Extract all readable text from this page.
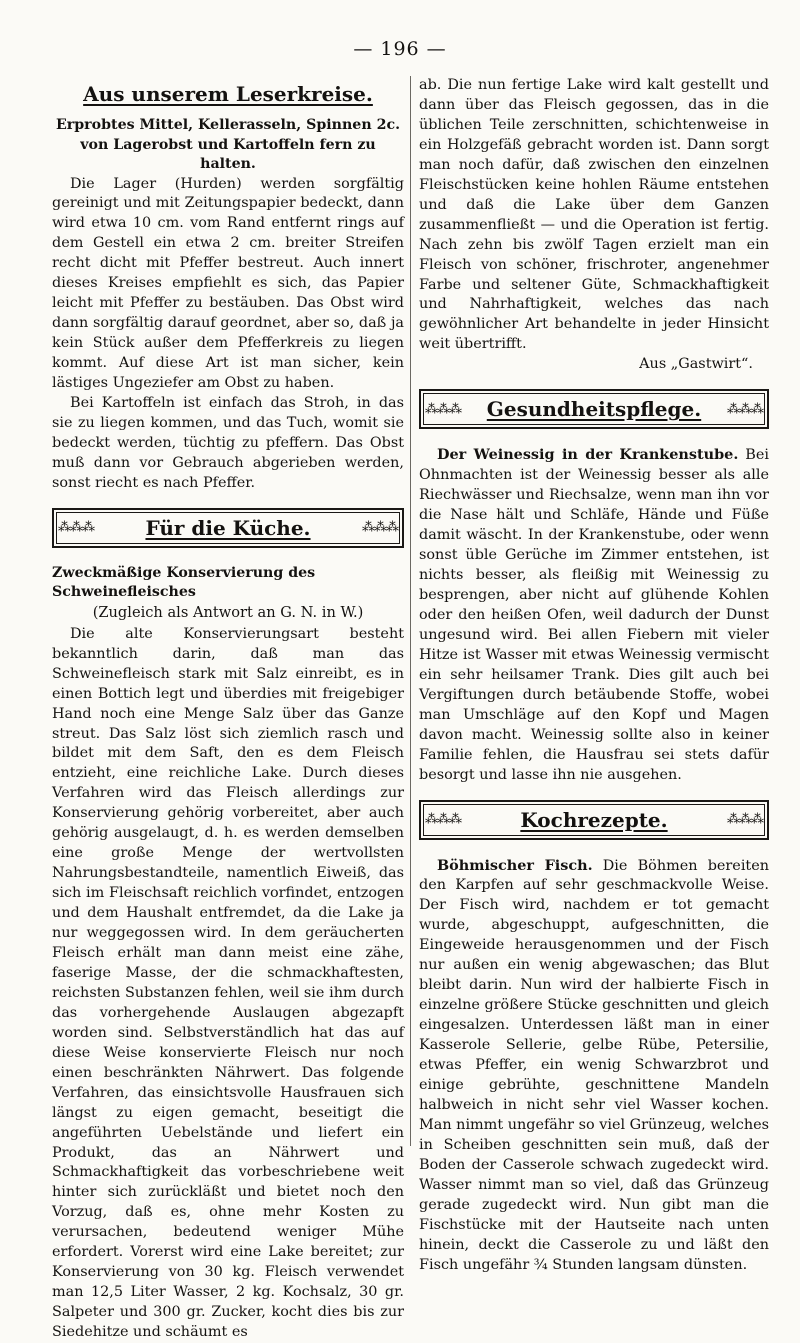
— 196 —
Aus unserem Leserkreise.
Erprobtes Mittel, Kellerasseln, Spinnen 2c. von Lagerobst und Kartoffeln fern zu halten.

Die Lager (Hurden) werden sorgfältig gereinigt und mit Zeitungspapier bedeckt, dann wird etwa 10 cm. vom Rand entfernt rings auf dem Gestell ein etwa 2 cm. breiter Streifen recht dicht mit Pfeffer bestreut. Auch innert dieses Kreises empfiehlt es sich, das Papier leicht mit Pfeffer zu bestäuben. Das Obst wird dann sorgfältig darauf geordnet, aber so, daß ja kein Stück außer dem Pfefferkreis zu liegen kommt. Auf diese Art ist man sicher, kein lästiges Ungeziefer am Obst zu haben.

Bei Kartoffeln ist einfach das Stroh, in das sie zu liegen kommen, und das Tuch, womit sie bedeckt werden, tüchtig zu pfeffern. Das Obst muß dann vor Gebrauch abgerieben werden, sonst riecht es nach Pfeffer.

⁂⁂⁂	Für die Küche.	⁂⁂⁂
Zweckmäßige Konservierung des Schweinefleisches
(Zugleich als Antwort an G. N. in W.)

Die alte Konservierungsart besteht bekanntlich darin, daß man das Schweinefleisch stark mit Salz einreibt, es in einen Bottich legt und überdies mit freigebiger Hand noch eine Menge Salz über das Ganze streut. Das Salz löst sich ziemlich rasch und bildet mit dem Saft, den es dem Fleisch entzieht, eine reichliche Lake. Durch dieses Verfahren wird das Fleisch allerdings zur Konservierung gehörig vorbereitet, aber auch gehörig ausgelaugt, d. h. es werden demselben eine große Menge der wertvollsten Nahrungsbestandteile, namentlich Eiweiß, das sich im Fleischsaft reichlich vorfindet, entzogen und dem Haushalt entfremdet, da die Lake ja nur weggegossen wird. In dem geräucherten Fleisch erhält man dann meist eine zähe, faserige Masse, der die schmackhaftesten, reichsten Substanzen fehlen, weil sie ihm durch das vorhergehende Auslaugen abgezapft worden sind. Selbstverständlich hat das auf diese Weise konservierte Fleisch nur noch einen beschränkten Nährwert. Das folgende Verfahren, das einsichtsvolle Hausfrauen sich längst zu eigen gemacht, beseitigt die angeführten Uebelstände und liefert ein Produkt, das an Nährwert und Schmackhaftigkeit das vorbeschriebene weit hinter sich zurückläßt und bietet noch den Vorzug, daß es, ohne mehr Kosten zu verursachen, bedeutend weniger Mühe erfordert. Vorerst wird eine Lake bereitet; zur Konservierung von 30 kg. Fleisch verwendet man 12,5 Liter Wasser, 2 kg. Kochsalz, 30 gr. Salpeter und 300 gr. Zucker, kocht dies bis zur Siedehitze und schäumt es

ab. Die nun fertige Lake wird kalt gestellt und dann über das Fleisch gegossen, das in die üblichen Teile zerschnitten, schichtenweise in ein Holzgefäß gebracht worden ist. Dann sorgt man noch dafür, daß zwischen den einzelnen Fleischstücken keine hohlen Räume entstehen und daß die Lake über dem Ganzen zusammenfließt — und die Operation ist fertig. Nach zehn bis zwölf Tagen erzielt man ein Fleisch von schöner, frischroter, angenehmer Farbe und seltener Güte, Schmackhaftigkeit und Nahrhaftigkeit, welches das nach gewöhnlicher Art behandelte in jeder Hinsicht weit übertrifft.

Aus „Gastwirt“.

⁂⁂⁂ Gesundheitspflege.	⁂⁂⁂

Der Weinessig in der Krankenstube. Bei Ohnmachten ist der Weinessig besser als alle Riechwässer und Riechsalze, wenn man ihn vor die Nase hält und Schläfe, Hände und Füße damit wäscht. In der Krankenstube, oder wenn sonst üble Gerüche im Zimmer entstehen, ist nichts besser, als fleißig mit Weinessig zu besprengen, aber nicht auf glühende Kohlen oder den heißen Ofen, weil dadurch der Dunst ungesund wird. Bei allen Fiebern mit vieler Hitze ist Wasser mit etwas Weinessig vermischt ein sehr heilsamer Trank. Dies gilt auch bei Vergiftungen durch betäubende Stoffe, wobei man Umschläge auf den Kopf und Magen davon macht. Weinessig sollte also in keiner Familie fehlen, die Hausfrau sei stets dafür besorgt und lasse ihn nie ausgehen.

⁂⁂⁂	Kochrezepte.	⁂⁂⁂

Böhmischer Fisch. Die Böhmen bereiten den Karpfen auf sehr geschmackvolle Weise. Der Fisch wird, nachdem er tot gemacht wurde, abgeschuppt, aufgeschnitten, die Eingeweide herausgenommen und der Fisch nur außen ein wenig abgewaschen; das Blut bleibt darin. Nun wird der halbierte Fisch in einzelne größere Stücke geschnitten und gleich eingesalzen. Unterdessen läßt man in einer Kasserole Sellerie, gelbe Rübe, Petersilie, etwas Pfeffer, ein wenig Schwarzbrot und einige gebrühte, geschnittene Mandeln halbweich in nicht sehr viel Wasser kochen. Man nimmt ungefähr so viel Grünzeug, welches in Scheiben geschnitten sein muß, daß der Boden der Casserole schwach zugedeckt wird. Wasser nimmt man so viel, daß das Grünzeug gerade zugedeckt wird. Nun gibt man die Fischstücke mit der Hautseite nach unten hinein, deckt die Casserole zu und läßt den Fisch ungefähr ¾ Stunden langsam dünsten.
